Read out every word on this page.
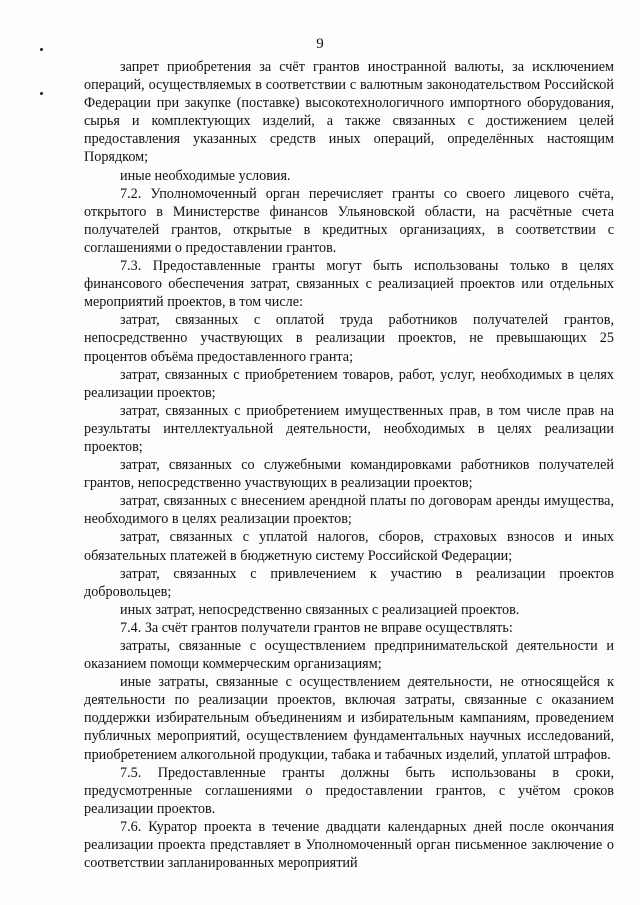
9

запрет приобретения за счёт грантов иностранной валюты, за исключением операций, осуществляемых в соответствии с валютным законодательством Российской Федерации при закупке (поставке) высокотехнологичного импортного оборудования, сырья и комплектующих изделий, а также связанных с достижением целей предоставления указанных средств иных операций, определённых настоящим Порядком;

иные необходимые условия.

7.2. Уполномоченный орган перечисляет гранты со своего лицевого счёта, открытого в Министерстве финансов Ульяновской области, на расчётные счета получателей грантов, открытые в кредитных организациях, в соответствии с соглашениями о предоставлении грантов.

7.3. Предоставленные гранты могут быть использованы только в целях финансового обеспечения затрат, связанных с реализацией проектов или отдельных мероприятий проектов, в том числе:

затрат, связанных с оплатой труда работников получателей грантов, непосредственно участвующих в реализации проектов, не превышающих 25 процентов объёма предоставленного гранта;

затрат, связанных с приобретением товаров, работ, услуг, необходимых в целях реализации проектов;

затрат, связанных с приобретением имущественных прав, в том числе прав на результаты интеллектуальной деятельности, необходимых в целях реализации проектов;

затрат, связанных со служебными командировками работников получателей грантов, непосредственно участвующих в реализации проектов;

затрат, связанных с внесением арендной платы по договорам аренды имущества, необходимого в целях реализации проектов;

затрат, связанных с уплатой налогов, сборов, страховых взносов и иных обязательных платежей в бюджетную систему Российской Федерации;

затрат, связанных с привлечением к участию в реализации проектов добровольцев;

иных затрат, непосредственно связанных с реализацией проектов.

7.4. За счёт грантов получатели грантов не вправе осуществлять:

затраты, связанные с осуществлением предпринимательской деятельности и оказанием помощи коммерческим организациям;

иные затраты, связанные с осуществлением деятельности, не относящейся к деятельности по реализации проектов, включая затраты, связанные с оказанием поддержки избирательным объединениям и избирательным кампаниям, проведением публичных мероприятий, осуществлением фундаментальных научных исследований, приобретением алкогольной продукции, табака и табачных изделий, уплатой штрафов.

7.5. Предоставленные гранты должны быть использованы в сроки, предусмотренные соглашениями о предоставлении грантов, с учётом сроков реализации проектов.

7.6. Куратор проекта в течение двадцати календарных дней после окончания реализации проекта представляет в Уполномоченный орган письменное заключение о соответствии запланированных мероприятий
